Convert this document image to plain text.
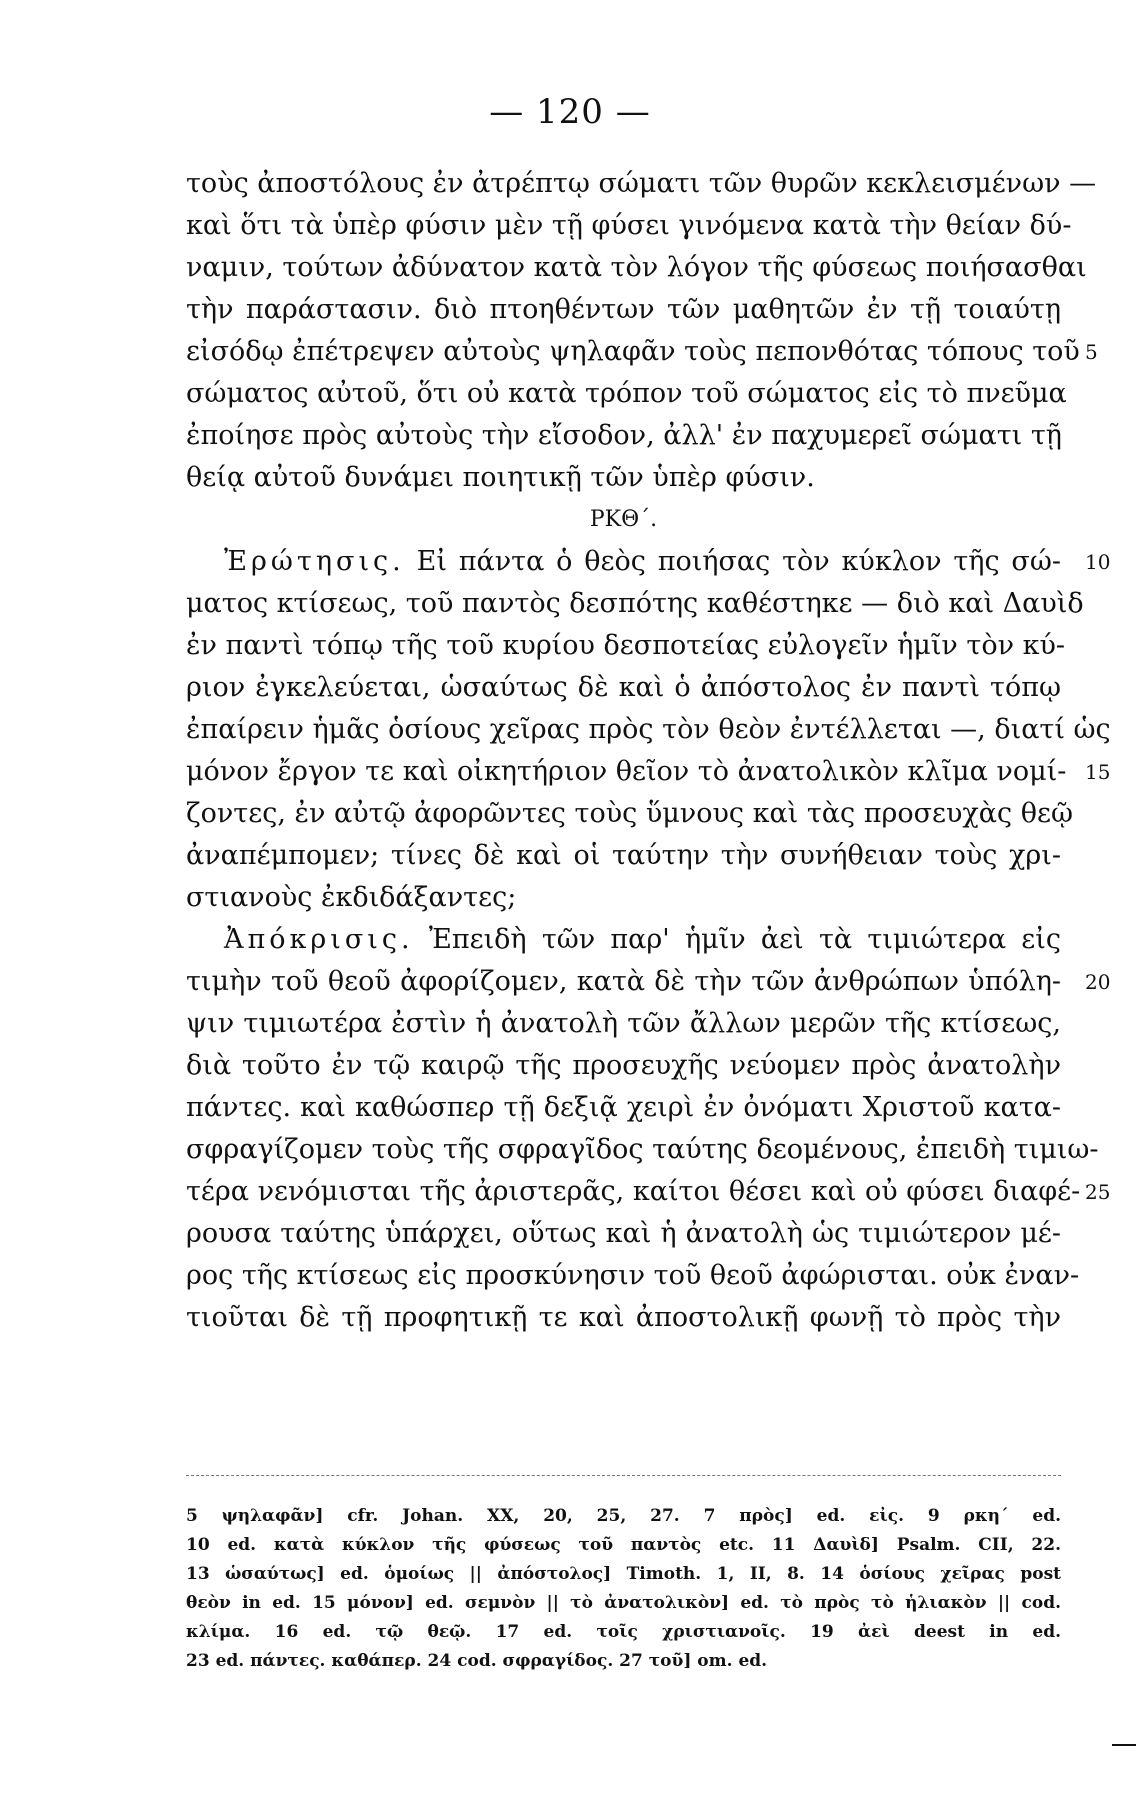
— 120 —
τοὺς ἀποστόλους ἐν ἀτρέπτῳ σώματι τῶν θυρῶν κεκλεισμένων —
καὶ ὅτι τὰ ὑπὲρ φύσιν μὲν τῇ φύσει γινόμενα κατὰ τὴν θείαν δύ-
ναμιν, τούτων ἀδύνατον κατὰ τὸν λόγον τῆς φύσεως ποιήσασθαι
τὴν παράστασιν. διὸ πτοηθέντων τῶν μαθητῶν ἐν τῇ τοιαύτῃ
εἰσόδῳ ἐπέτρεψεν αὐτοὺς ψηλαφᾶν τοὺς πεπονθότας τόπους τοῦ
σώματος αὐτοῦ, ὅτι οὐ κατὰ τρόπον τοῦ σώματος εἰς τὸ πνεῦμα
ἐποίησε πρὸς αὐτοὺς τὴν εἴσοδον, ἀλλ' ἐν παχυμερεῖ σώματι τῇ
θείᾳ αὐτοῦ δυνάμει ποιητικῇ τῶν ὑπὲρ φύσιν.
ΡΚΘ΄.
Ἐρώτησις. Εἰ πάντα ὁ θεὸς ποιήσας τὸν κύκλον τῆς σώ-
ματος κτίσεως, τοῦ παντὸς δεσπότης καθέστηκε — διὸ καὶ Δαυὶδ
ἐν παντὶ τόπῳ τῆς τοῦ κυρίου δεσποτείας εὐλογεῖν ἡμῖν τὸν κύ-
ριον ἐγκελεύεται, ὡσαύτως δὲ καὶ ὁ ἀπόστολος ἐν παντὶ τόπῳ
ἐπαίρειν ἡμᾶς ὁσίους χεῖρας πρὸς τὸν θεὸν ἐντέλλεται —, διατί ὡς
μόνον ἔργον τε καὶ οἰκητήριον θεῖον τὸ ἀνατολικὸν κλῖμα νομί-
ζοντες, ἐν αὐτῷ ἀφορῶντες τοὺς ὕμνους καὶ τὰς προσευχὰς θεῷ
ἀναπέμπομεν; τίνες δὲ καὶ οἱ ταύτην τὴν συνήθειαν τοὺς χρι-
στιανοὺς ἐκδιδάξαντες;
Ἀπόκρισις. Ἐπειδὴ τῶν παρ' ἡμῖν ἀεὶ τὰ τιμιώτερα εἰς
τιμὴν τοῦ θεοῦ ἀφορίζομεν, κατὰ δὲ τὴν τῶν ἀνθρώπων ὑπόλη-
ψιν τιμιωτέρα ἐστὶν ἡ ἀνατολὴ τῶν ἄλλων μερῶν τῆς κτίσεως,
διὰ τοῦτο ἐν τῷ καιρῷ τῆς προσευχῆς νεύομεν πρὸς ἀνατολὴν
πάντες. καὶ καθώσπερ τῇ δεξιᾷ χειρὶ ἐν ὀνόματι Χριστοῦ κατα-
σφραγίζομεν τοὺς τῆς σφραγῖδος ταύτης δεομένους, ἐπειδὴ τιμιω-
τέρα νενόμισται τῆς ἀριστερᾶς, καίτοι θέσει καὶ οὐ φύσει διαφέ-
ρουσα ταύτης ὑπάρχει, οὕτως καὶ ἡ ἀνατολὴ ὡς τιμιώτερον μέ-
ρος τῆς κτίσεως εἰς προσκύνησιν τοῦ θεοῦ ἀφώρισται. οὐκ ἐναν-
τιοῦται δὲ τῇ προφητικῇ τε καὶ ἀποστολικῇ φωνῇ τὸ πρὸς τὴν
5
10
15
20
25
5 ψηλαφᾶν] cfr. Johan. XX, 20, 25, 27. 7 πρὸς] ed. εἰς. 9 ρκη΄ ed.
10 ed. κατὰ κύκλον τῆς φύσεως τοῦ παντὸς etc. 11 Δαυὶδ] Psalm. CII, 22.
13 ὡσαύτως] ed. ὁμοίως || ἀπόστολος] Timoth. 1, II, 8. 14 ὁσίους χεῖρας post
θεὸν in ed. 15 μόνον] ed. σεμνὸν || τὸ ἀνατολικὸν] ed. τὸ πρὸς τὸ ἡλιακὸν || cod.
κλίμα. 16 ed. τῷ θεῷ. 17 ed. τοῖς χριστιανοῖς. 19 ἀεὶ deest in ed.
23 ed. πάντες. καθάπερ. 24 cod. σφραγίδος. 27 τοῦ] om. ed.
